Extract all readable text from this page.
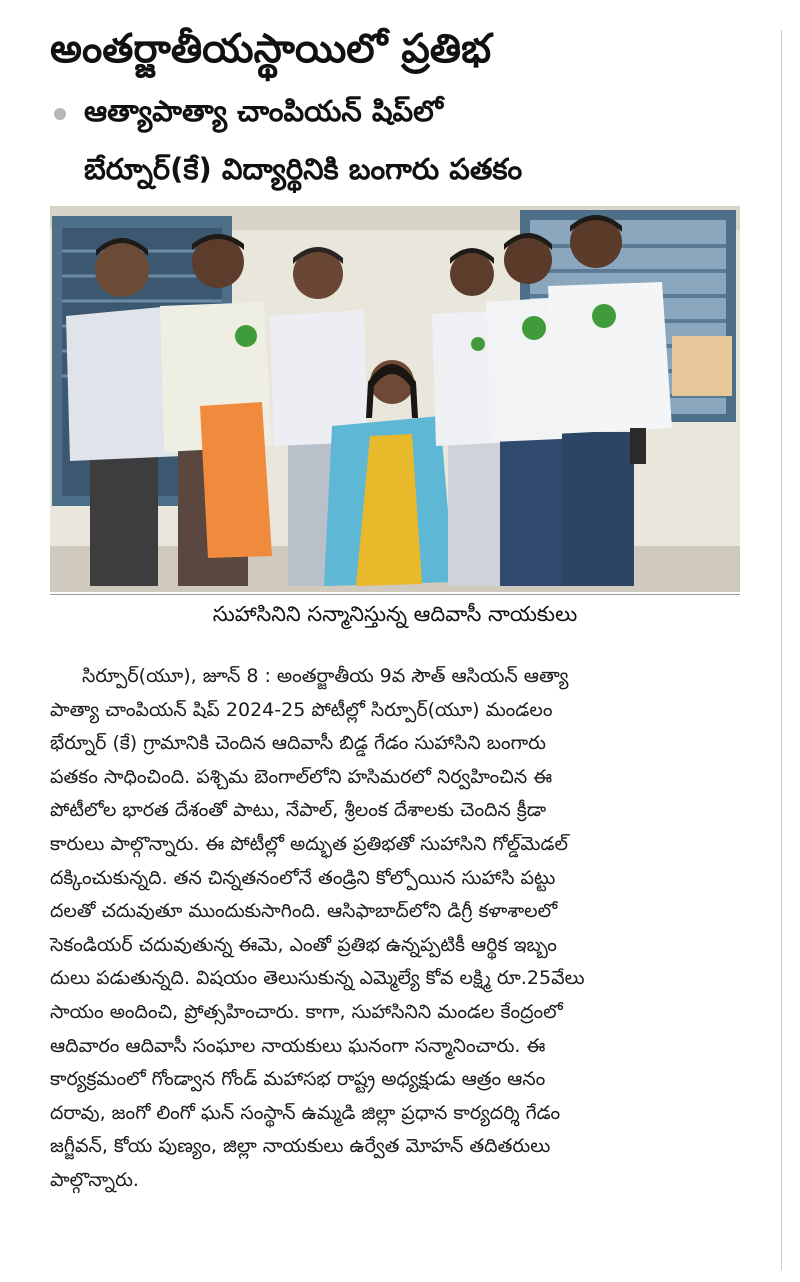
అంతర్జాతీయస్థాయిలో ప్రతిభ
ఆత్యాపాత్యా చాంపియన్ షిప్‌లో
బేర్నూర్(కే) విద్యార్థినికి బంగారు పతకం
సుహాసినిని సన్మానిస్తున్న ఆదివాసీ నాయకులు
సిర్పూర్(యూ), జూన్ 8 : అంతర్జాతీయ 9వ సౌత్ ఆసియన్ ఆత్యా
పాత్యా చాంపియన్ షిప్ 2024-25 పోటీల్లో సిర్పూర్(యూ) మండలం
భేర్నూర్ (కే) గ్రామానికి చెందిన ఆదివాసీ బిడ్డ గేడం సుహాసిని బంగారు
పతకం సాధించింది. పశ్చిమ బెంగాల్‌లోని హసిమరలో నిర్వహించిన ఈ
పోటీలోల భారత దేశంతో పాటు, నేపాల్, శ్రీలంక దేశాలకు చెందిన క్రీడా
కారులు పాల్గొన్నారు. ఈ పోటీల్లో అద్భుత ప్రతిభతో సుహాసిని గోల్డ్‌మెడల్
దక్కించుకున్నది. తన చిన్నతనంలోనే తండ్రిని కోల్పోయిన సుహాసి పట్టు
దలతో చదువుతూ ముందుకుసాగింది. ఆసిఫాబాద్‌లోని డిగ్రీ కళాశాలలో
సెకండియర్ చదువుతున్న ఈమె, ఎంతో ప్రతిభ ఉన్నప్పటికీ ఆర్థిక ఇబ్బం
దులు పడుతున్నది. విషయం తెలుసుకున్న ఎమ్మెల్యే కోవ లక్ష్మి రూ.25వేలు
సాయం అందించి, ప్రోత్సహించారు. కాగా, సుహాసినిని మండల కేంద్రంలో
ఆదివారం ఆదివాసీ సంఘాల నాయకులు ఘనంగా సన్మానించారు. ఈ
కార్యక్రమంలో గోండ్వాన గోండ్ మహాసభ రాష్ట్ర అధ్యక్షుడు ఆత్రం ఆనం
దరావు, జంగో లింగో ఘన్ సంస్థాన్ ఉమ్మడి జిల్లా ప్రధాన కార్యదర్శి గేడం
జగ్జీవన్, కోయ పుణ్యం, జిల్లా నాయకులు ఉర్వేత మోహన్ తదితరులు
పాల్గొన్నారు.
